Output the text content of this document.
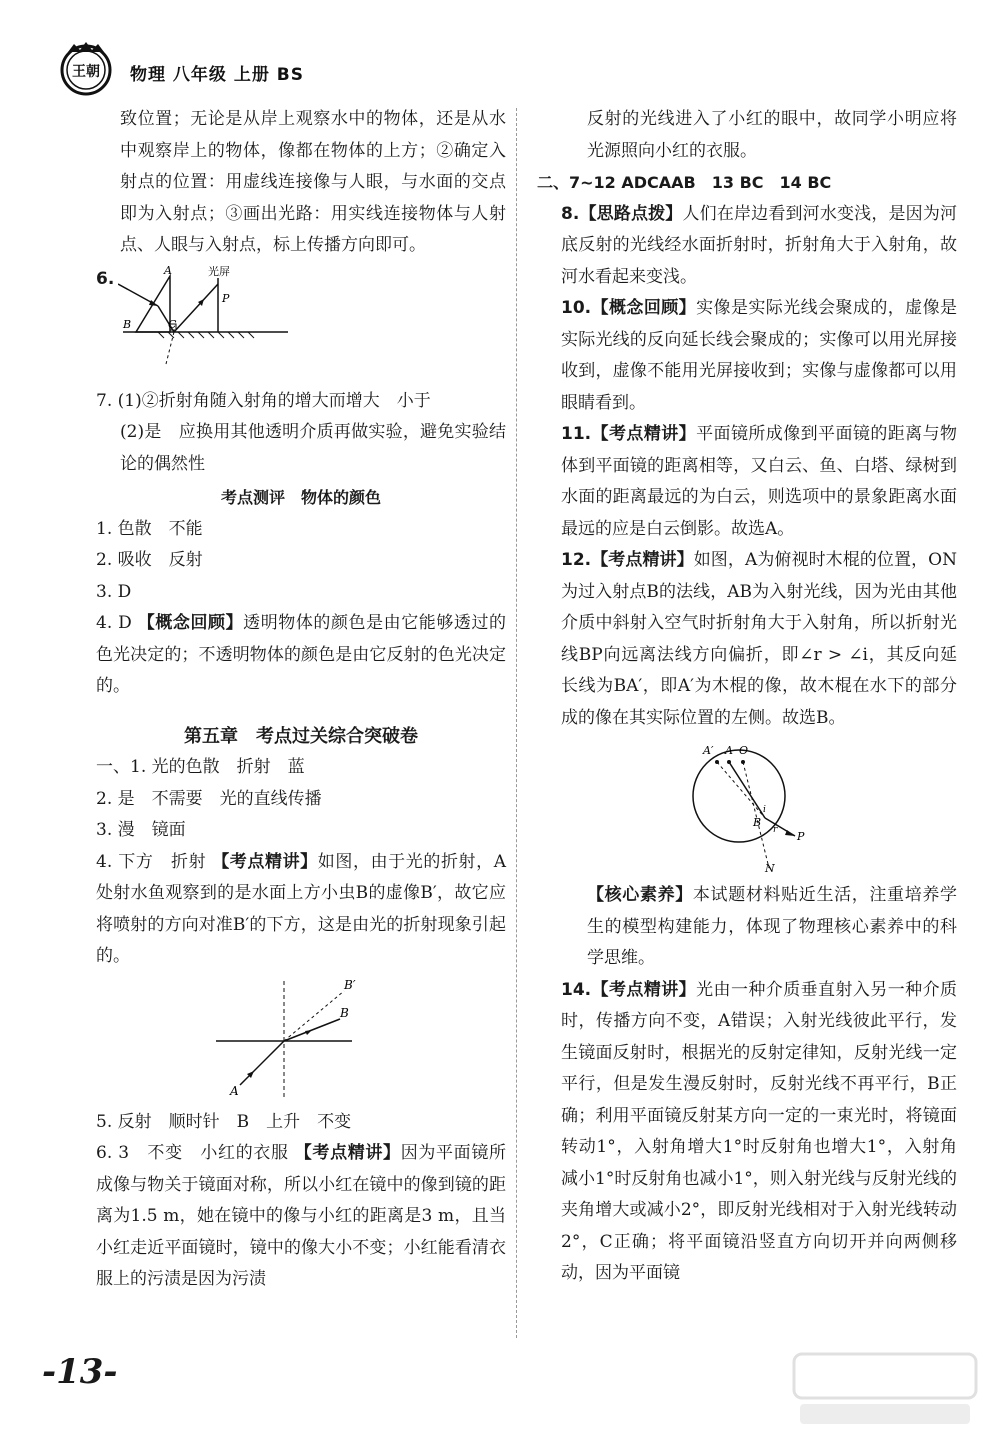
王朝 物理 八年级 上册 BS

致位置；无论是从岸上观察水中的物体，还是从水中观察岸上的物体，像都在物体的上方；②确定入射点的位置：用虚线连接像与人眼，与水面的交点即为入射点；③画出光路：用实线连接物体与人射点、人眼与入射点，标上传播方向即可。

6.	A	光屏
P
B	C

7. (1)②折射角随入射角的增大而增大　小于

(2)是　应换用其他透明介质再做实验，避免实验结论的偶然性

考点测评　物体的颜色

1. 色散　不能

2. 吸收　反射

3. D

4. D 【概念回顾】透明物体的颜色是由它能够透过的色光决定的；不透明物体的颜色是由它反射的色光决定的。

第五章　考点过关综合突破卷

一、1. 光的色散　折射　蓝

2. 是　不需要　光的直线传播

3. 漫　镜面

4. 下方　折射 【考点精讲】如图，由于光的折射，A处射水鱼观察到的是水面上方小虫B的虚像B′，故它应将喷射的方向对准B′的下方，这是由光的折射现象引起的。

B′
B
A

5. 反射　顺时针　B　上升　不变

6. 3　不变　小红的衣服 【考点精讲】因为平面镜所成像与物关于镜面对称，所以小红在镜中的像到镜的距离为1.5 m，她在镜中的像与小红的距离是3 m，且当小红走近平面镜时，镜中的像大小不变；小红能看清衣服上的污渍是因为污渍

反射的光线进入了小红的眼中，故同学小明应将光源照向小红的衣服。

二、7~12 ADCAAB　13 BC　14 BC

8.【思路点拨】人们在岸边看到河水变浅，是因为河底反射的光线经水面折射时，折射角大于入射角，故河水看起来变浅。

10.【概念回顾】实像是实际光线会聚成的，虚像是实际光线的反向延长线会聚成的；实像可以用光屏接收到，虚像不能用光屏接收到；实像与虚像都可以用眼睛看到。

11.【考点精讲】平面镜所成像到平面镜的距离与物体到平面镜的距离相等，又白云、鱼、白塔、绿树到水面的距离最远的为白云，则选项中的景象距离水面最远的应是白云倒影。故选A。

12.【考点精讲】如图，A为俯视时木棍的位置，ON为过入射点B的法线，AB为入射光线，因为光由其他介质中斜射入空气时折射角大于入射角，所以折射光线BP向远离法线方向偏折，即∠r > ∠i，其反向延长线为BA′，即A′为木棍的像，故木棍在水下的部分成的像在其实际位置的左侧。故选B。

A′ A O
B
i
r P
N

【核心素养】本试题材料贴近生活，注重培养学生的模型构建能力，体现了物理核心素养中的科学思维。

14.【考点精讲】光由一种介质垂直射入另一种介质时，传播方向不变，A错误；入射光线彼此平行，发生镜面反射时，根据光的反射定律知，反射光线一定平行，但是发生漫反射时，反射光线不再平行，B正确；利用平面镜反射某方向一定的一束光时，将镜面转动1°，入射角增大1°时反射角也增大1°，入射角减小1°时反射角也减小1°，则入射光线与反射光线的夹角增大或减小2°，即反射光线相对于入射光线转动2°，C正确；将平面镜沿竖直方向切开并向两侧移动，因为平面镜

-13-
